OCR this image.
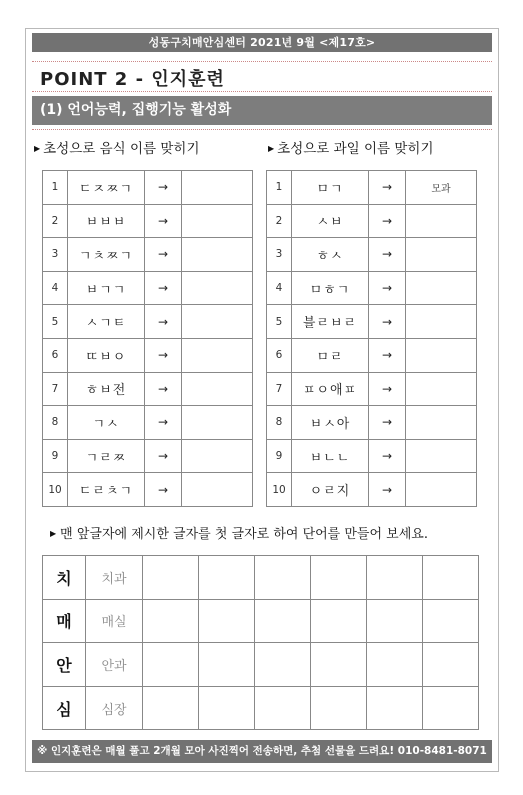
성동구치매안심센터 2021년 9월 <제17호>
POINT 2 - 인지훈련
(1) 언어능력, 집행기능 활성화
▶ 초성으로 음식 이름 맞히기	▶ 초성으로 과일 이름 맞히기
1	ㄷㅈㅉㄱ	→	
2	ㅂㅂㅂ	→	
3	ㄱㅊㅉㄱ	→	
4	ㅂㄱㄱ	→	
5	ㅅㄱㅌ	→	
6	ㄸㅂㅇ	→	
7	ㅎㅂ전	→	
8	ㄱㅅ	→	
9	ㄱㄹㅉ	→	
10	ㄷㄹㅊㄱ	→	
1	ㅁㄱ	→	모과
2	ㅅㅂ	→	
3	ㅎㅅ	→	
4	ㅁㅎㄱ	→	
5	블ㄹㅂㄹ	→	
6	ㅁㄹ	→	
7	ㅍㅇ애ㅍ	→	
8	ㅂㅅ아	→	
9	ㅂㄴㄴ	→	
10	ㅇㄹ지	→	
▶ 맨 앞글자에 제시한 글자를 첫 글자로 하여 단어를 만들어 보세요.
치	치과						
매	매실						
안	안과						
심	심장						
※ 인지훈련은 매월 풀고 2개월 모아 사진찍어 전송하면, 추첨 선물을 드려요! 010-8481-8071
